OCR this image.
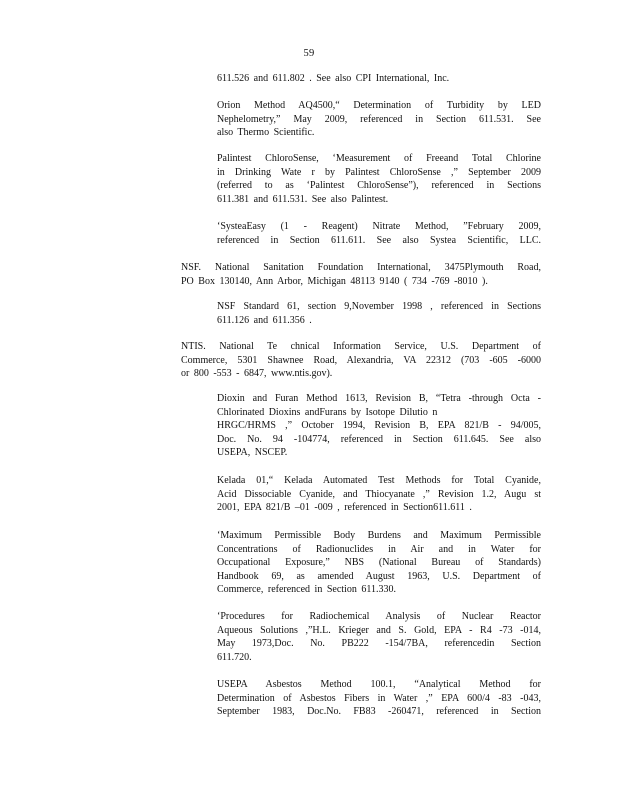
59
611.526 and 611.802 . See also CPI International, Inc.
Orion Method AQ4500,“ Determination of Turbidity by LED
Nephelometry,” May 2009, referenced in Section 611.531. See
also Thermo Scientific.
Palintest ChloroSense, ‘Measurement of Freeand Total Chlorine
in Drinking Wate r by Palintest ChloroSense ,” September 2009
(referred to as ‘Palintest ChloroSense”), referenced in Sections
611.381 and 611.531. See also Palintest.
‘SysteaEasy (1 - Reagent) Nitrate Method, ”February 2009,
referenced in Section 611.611. See also Systea Scientific, LLC.
NSF. National Sanitation Foundation International, 3475Plymouth Road,
PO Box 130140, Ann Arbor, Michigan 48113 9140 ( 734 -769 -8010 ).
NSF Standard 61, section 9,November 1998 , referenced in Sections
611.126 and 611.356 .
NTIS. National Te chnical Information Service, U.S. Department of
Commerce, 5301 Shawnee Road, Alexandria, VA 22312 (703 -605 -6000
or 800 -553 - 6847, www.ntis.gov).
Dioxin and Furan Method 1613, Revision B, “Tetra -through Octa -
Chlorinated Dioxins andFurans by Isotope Dilutio n
HRGC/HRMS ,” October 1994, Revision B, EPA 821/B - 94/005,
Doc. No. 94 -104774, referenced in Section 611.645. See also
USEPA, NSCEP.
Kelada 01,“ Kelada Automated Test Methods for Total Cyanide,
Acid Dissociable Cyanide, and Thiocyanate ,” Revision 1.2, Augu st
2001, EPA 821/B –01 -009 , referenced in Section611.611 .
‘Maximum Permissible Body Burdens and Maximum Permissible
Concentrations of Radionuclides in Air and in Water for
Occupational Exposure,” NBS (National Bureau of Standards)
Handbook 69, as amended August 1963, U.S. Department of
Commerce, referenced in Section 611.330.
‘Procedures for Radiochemical Analysis of Nuclear Reactor
Aqueous Solutions ,”H.L. Krieger and S. Gold, EPA - R4 -73 -014,
May 1973,Doc. No. PB222 -154/7BA, referencedin Section
611.720.
USEPA Asbestos Method 100.1, “Analytical Method for
Determination of Asbestos Fibers in Water ,” EPA 600/4 -83 -043,
September 1983, Doc.No. FB83 -260471, referenced in Section
